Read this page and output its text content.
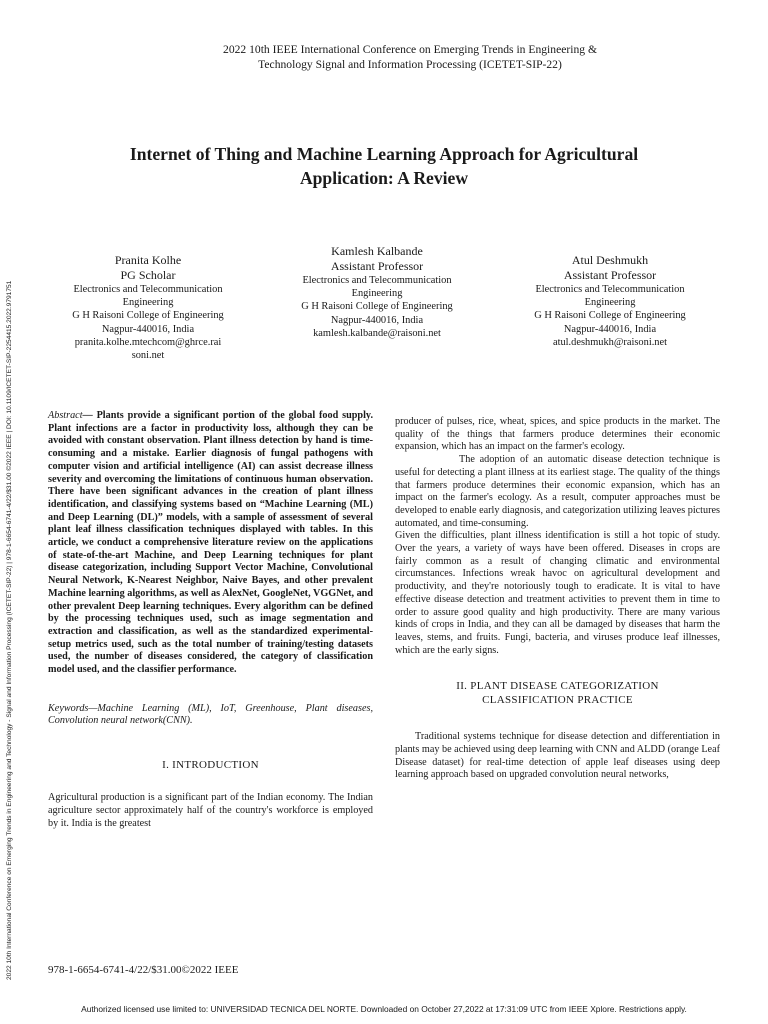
2022 10th International Conference on Emerging Trends in Engineering and Technology - Signal and Information Processing (ICETET-SIP-22) | 978-1-6654-6741-4/22/$31.00 ©2022 IEEE | DOI: 10.1109/ICETET-SIP-2254415.2022.9791751
2022 10th IEEE International Conference on Emerging Trends in Engineering &
Technology Signal and Information Processing (ICETET-SIP-22)
Internet of Thing and Machine Learning Approach for Agricultural
Application: A Review
Pranita Kolhe
PG Scholar
Electronics and Telecommunication
Engineering
G H Raisoni College of Engineering
Nagpur-440016, India
pranita.kolhe.mtechcom@ghrce.rai
soni.net
Kamlesh Kalbande
Assistant Professor
Electronics and Telecommunication
Engineering
G H Raisoni College of Engineering
Nagpur-440016, India
kamlesh.kalbande@raisoni.net
Atul Deshmukh
Assistant Professor
Electronics and Telecommunication
Engineering
G H Raisoni College of Engineering
Nagpur-440016, India
atul.deshmukh@raisoni.net

Abstract— Plants provide a significant portion of the global food supply. Plant infections are a factor in productivity loss, although they can be avoided with constant observation. Plant illness detection by hand is time-consuming and a mistake. Earlier diagnosis of fungal pathogens with computer vision and artificial intelligence (AI) can assist decrease illness severity and overcoming the limitations of continuous human observation. There have been significant advances in the creation of plant illness identification, and classifying systems based on “Machine Learning (ML) and Deep Learning (DL)” models, with a sample of assessment of several plant leaf illness classification techniques displayed with tables. In this article, we conduct a comprehensive literature review on the applications of state-of-the-art Machine, and Deep Learning techniques for plant disease categorization, including Support Vector Machine, Convolutional Neural Network, K-Nearest Neighbor, Naive Bayes, and other prevalent Machine learning algorithms, as well as AlexNet, GoogleNet, VGGNet, and other prevalent Deep learning techniques. Every algorithm can be defined by the processing techniques used, such as image segmentation and extraction and classification, as well as the standardized experimental-setup metrics used, such as the total number of training/testing datasets used, the number of diseases considered, the category of classification model used, and the classifier performance.

Keywords—Machine Learning (ML), IoT, Greenhouse, Plant diseases, Convolution neural network(CNN).

I. INTRODUCTION

Agricultural production is a significant part of the Indian economy. The Indian agriculture sector approximately half of the country's workforce is employed by it. India is the greatest

producer of pulses, rice, wheat, spices, and spice products in the market. The quality of the things that farmers produce determines their economic expansion, which has an impact on the farmer's ecology.

The adoption of an automatic disease detection technique is useful for detecting a plant illness at its earliest stage. The quality of the things that farmers produce determines their economic expansion, which has an impact on the farmer's ecology. As a result, computer approaches must be developed to enable early diagnosis, and categorization utilizing leaves pictures automated, and time-consuming.

Given the difficulties, plant illness identification is still a hot topic of study. Over the years, a variety of ways have been offered. Diseases in crops are fairly common as a result of changing climatic and environmental circumstances. Infections wreak havoc on agricultural development and productivity, and they're notoriously tough to eradicate. It is vital to have effective disease detection and treatment activities to prevent them in time to order to assure good quality and high productivity. There are many various kinds of crops in India, and they can all be damaged by diseases that harm the leaves, stems, and fruits. Fungi, bacteria, and viruses produce leaf illnesses, which are the early signs.

II. PLANT DISEASE CATEGORIZATION
CLASSIFICATION PRACTICE

Traditional systems technique for disease detection and differentiation in plants may be achieved using deep learning with CNN and ALDD (orange Leaf Disease dataset) for real-time detection of apple leaf diseases using deep learning approach based on upgraded convolution neural networks,

978-1-6654-6741-4/22/$31.00©2022 IEEE
Authorized licensed use limited to: UNIVERSIDAD TECNICA DEL NORTE. Downloaded on October 27,2022 at 17:31:09 UTC from IEEE Xplore. Restrictions apply.
